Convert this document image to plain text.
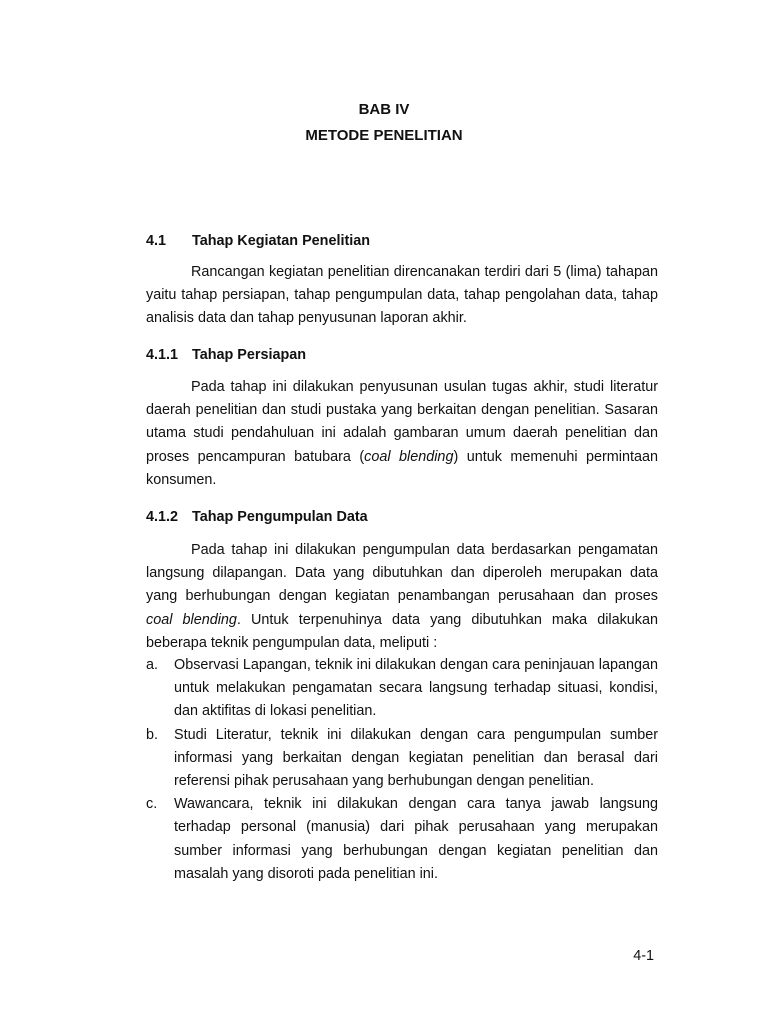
BAB IV
METODE PENELITIAN
4.1 Tahap Kegiatan Penelitian

Rancangan kegiatan penelitian direncanakan terdiri dari 5 (lima) tahapan yaitu tahap persiapan, tahap pengumpulan data, tahap pengolahan data, tahap analisis data dan tahap penyusunan laporan akhir.

4.1.1 Tahap Persiapan

Pada tahap ini dilakukan penyusunan usulan tugas akhir, studi literatur daerah penelitian dan studi pustaka yang berkaitan dengan penelitian. Sasaran utama studi pendahuluan ini adalah gambaran umum daerah penelitian dan proses pencampuran batubara (coal blending) untuk memenuhi permintaan konsumen.

4.1.2 Tahap Pengumpulan Data

Pada tahap ini dilakukan pengumpulan data berdasarkan pengamatan langsung dilapangan. Data yang dibutuhkan dan diperoleh merupakan data yang berhubungan dengan kegiatan penambangan perusahaan dan proses coal blending. Untuk terpenuhinya data yang dibutuhkan maka dilakukan beberapa teknik pengumpulan data, meliputi :

a. Observasi Lapangan, teknik ini dilakukan dengan cara peninjauan lapangan untuk melakukan pengamatan secara langsung terhadap situasi, kondisi, dan aktifitas di lokasi penelitian.
b. Studi Literatur, teknik ini dilakukan dengan cara pengumpulan sumber informasi yang berkaitan dengan kegiatan penelitian dan berasal dari referensi pihak perusahaan yang berhubungan dengan penelitian.
c. Wawancara, teknik ini dilakukan dengan cara tanya jawab langsung terhadap personal (manusia) dari pihak perusahaan yang merupakan sumber informasi yang berhubungan dengan kegiatan penelitian dan masalah yang disoroti pada penelitian ini.

4-1
